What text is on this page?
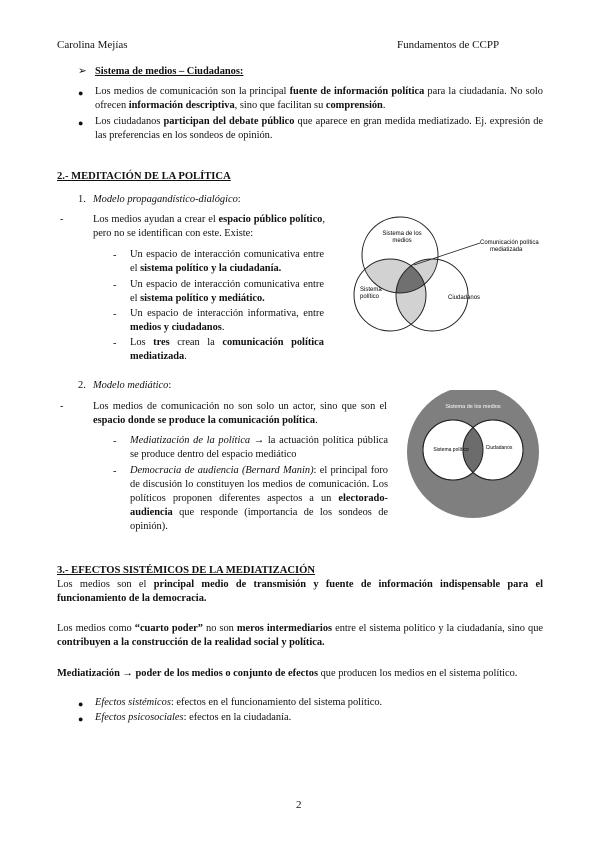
Carolina Mejías	Fundamentos de CCPP
➢ Sistema de medios – Ciudadanos:
● Los medios de comunicación son la principal fuente de información política para la ciudadanía. No solo ofrecen información descriptiva, sino que facilitan su comprensión.
● Los ciudadanos participan del debate público que aparece en gran medida mediatizado. Ej. expresión de las preferencias en los sondeos de opinión.
2.- MEDITACIÓN DE LA POLÍTICA
1. Modelo propagandístico-dialógico:
-	Los medios ayudan a crear el espacio público político, pero no se identifican con este. Existe:
- Un espacio de interacción comunicativa entre el sistema político y la ciudadanía.
- Un espacio de interacción comunicativa entre el sistema político y mediático.
- Un espacio de interacción informativa, entre medios y ciudadanos.
- Los tres crean la comunicación política mediatizada.
Sistema de los medios
Sistema político	Ciudadanos
Comunicación política mediatizada
2. Modelo mediático:
-	Los medios de comunicación no son solo un actor, sino que son el espacio donde se produce la comunicación política.
- Mediatización de la política → la actuación política pública se produce dentro del espacio mediático
- Democracia de audiencia (Bernard Manin): el principal foro de discusión lo constituyen los medios de comunicación. Los políticos proponen diferentes aspectos a un electorado-audiencia que responde (importancia de los sondeos de opinión).
Sistema de los medios
Sistema político	Ciudadanos
3.- EFECTOS SISTÉMICOS DE LA MEDIATIZACIÓN
Los medios son el principal medio de transmisión y fuente de información indispensable para el funcionamiento de la democracia.
Los medios como “cuarto poder” no son meros intermediarios entre el sistema político y la ciudadanía, sino que contribuyen a la construcción de la realidad social y política.
Mediatización → poder de los medios o conjunto de efectos que producen los medios en el sistema político.
● Efectos sistémicos: efectos en el funcionamiento del sistema político.
● Efectos psicosociales: efectos en la ciudadanía.
2
